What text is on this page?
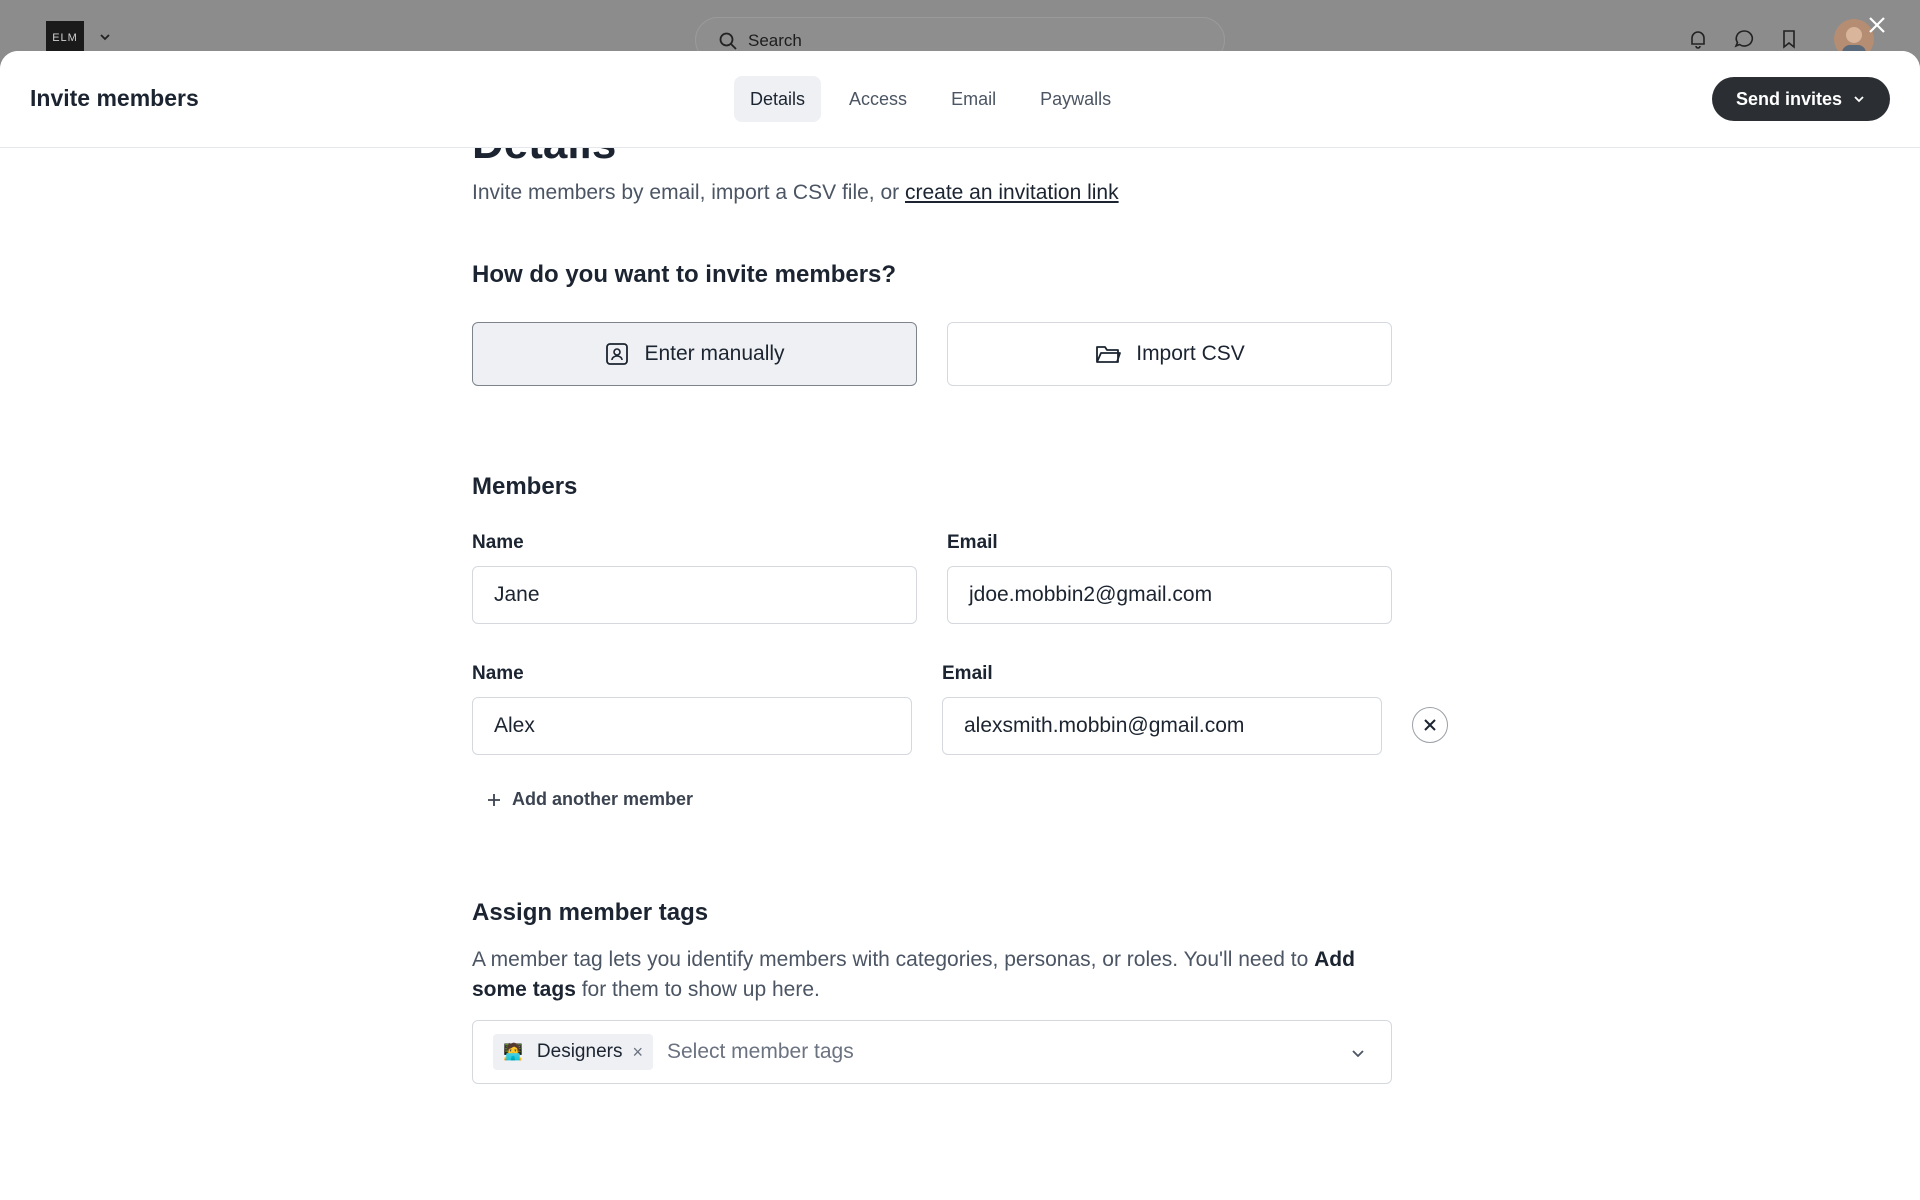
ELM	Search
Invite members	Details	Access	Email	Paywalls	Send invites
Invite members by email, import a CSV file, or create an invitation link
How do you want to invite members?
Enter manually	Import CSV
Members
Name	Email
Jane	jdoe.mobbin2@gmail.com
Name	Email
Alex	alexsmith.mobbin@gmail.com
Add another member
Assign member tags
A member tag lets you identify members with categories, personas, or roles. You'll need to Add some tags for them to show up here.
🧑‍💻 Designers × Select member tags
